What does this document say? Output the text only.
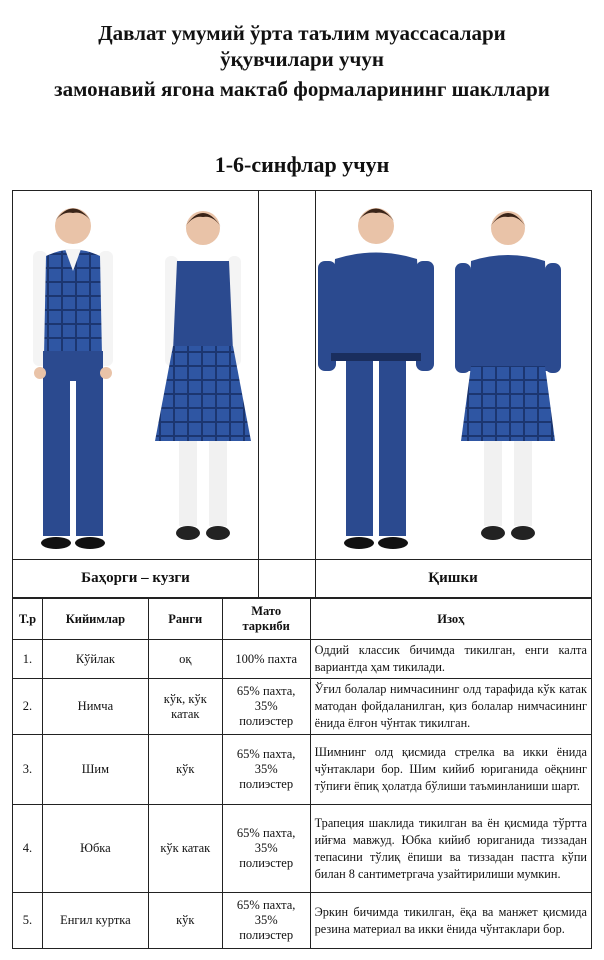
Давлат умумий ўрта таълим муассасалари
ўқувчилари учун
замонавий ягона мактаб формаларининг шакллари
1-6-синфлар учун
Баҳорги – кузги	Қишки
Т.р	Кийимлар	Ранги	Мато таркиби	Изоҳ
1.	Кўйлак	оқ	100% пахта	Оддий классик бичимда тикилган, енги калта вариантда ҳам тикилади.
2.	Нимча	кўк, кўк катак	65% пахта, 35% полиэстер	Ўғил болалар нимчасининг олд тарафида кўк катак матодан фойдаланилган, қиз болалар нимчасининг ёнида ёлғон чўнтак тикилган.
3.	Шим	кўк	65% пахта, 35% полиэстер	Шимнинг олд қисмида стрелка ва икки ёнида чўнтаклари бор. Шим кийиб юриганида оёқнинг тўпиғи ёпиқ ҳолатда бўлиши таъминланиши шарт.
4.	Юбка	кўк катак	65% пахта, 35% полиэстер	Трапеция шаклида тикилган ва ён қисмида тўртта ийғма мавжуд. Юбка кийиб юриганида тиззадан тепасини тўлиқ ёпиши ва тиззадан пастга кўпи билан 8 сантиметргача узайтирилиши мумкин.
5.	Енгил куртка	кўк	65% пахта, 35% полиэстер	Эркин бичимда тикилган, ёқа ва манжет қисмида резина материал ва икки ёнида чўнтаклари бор.
